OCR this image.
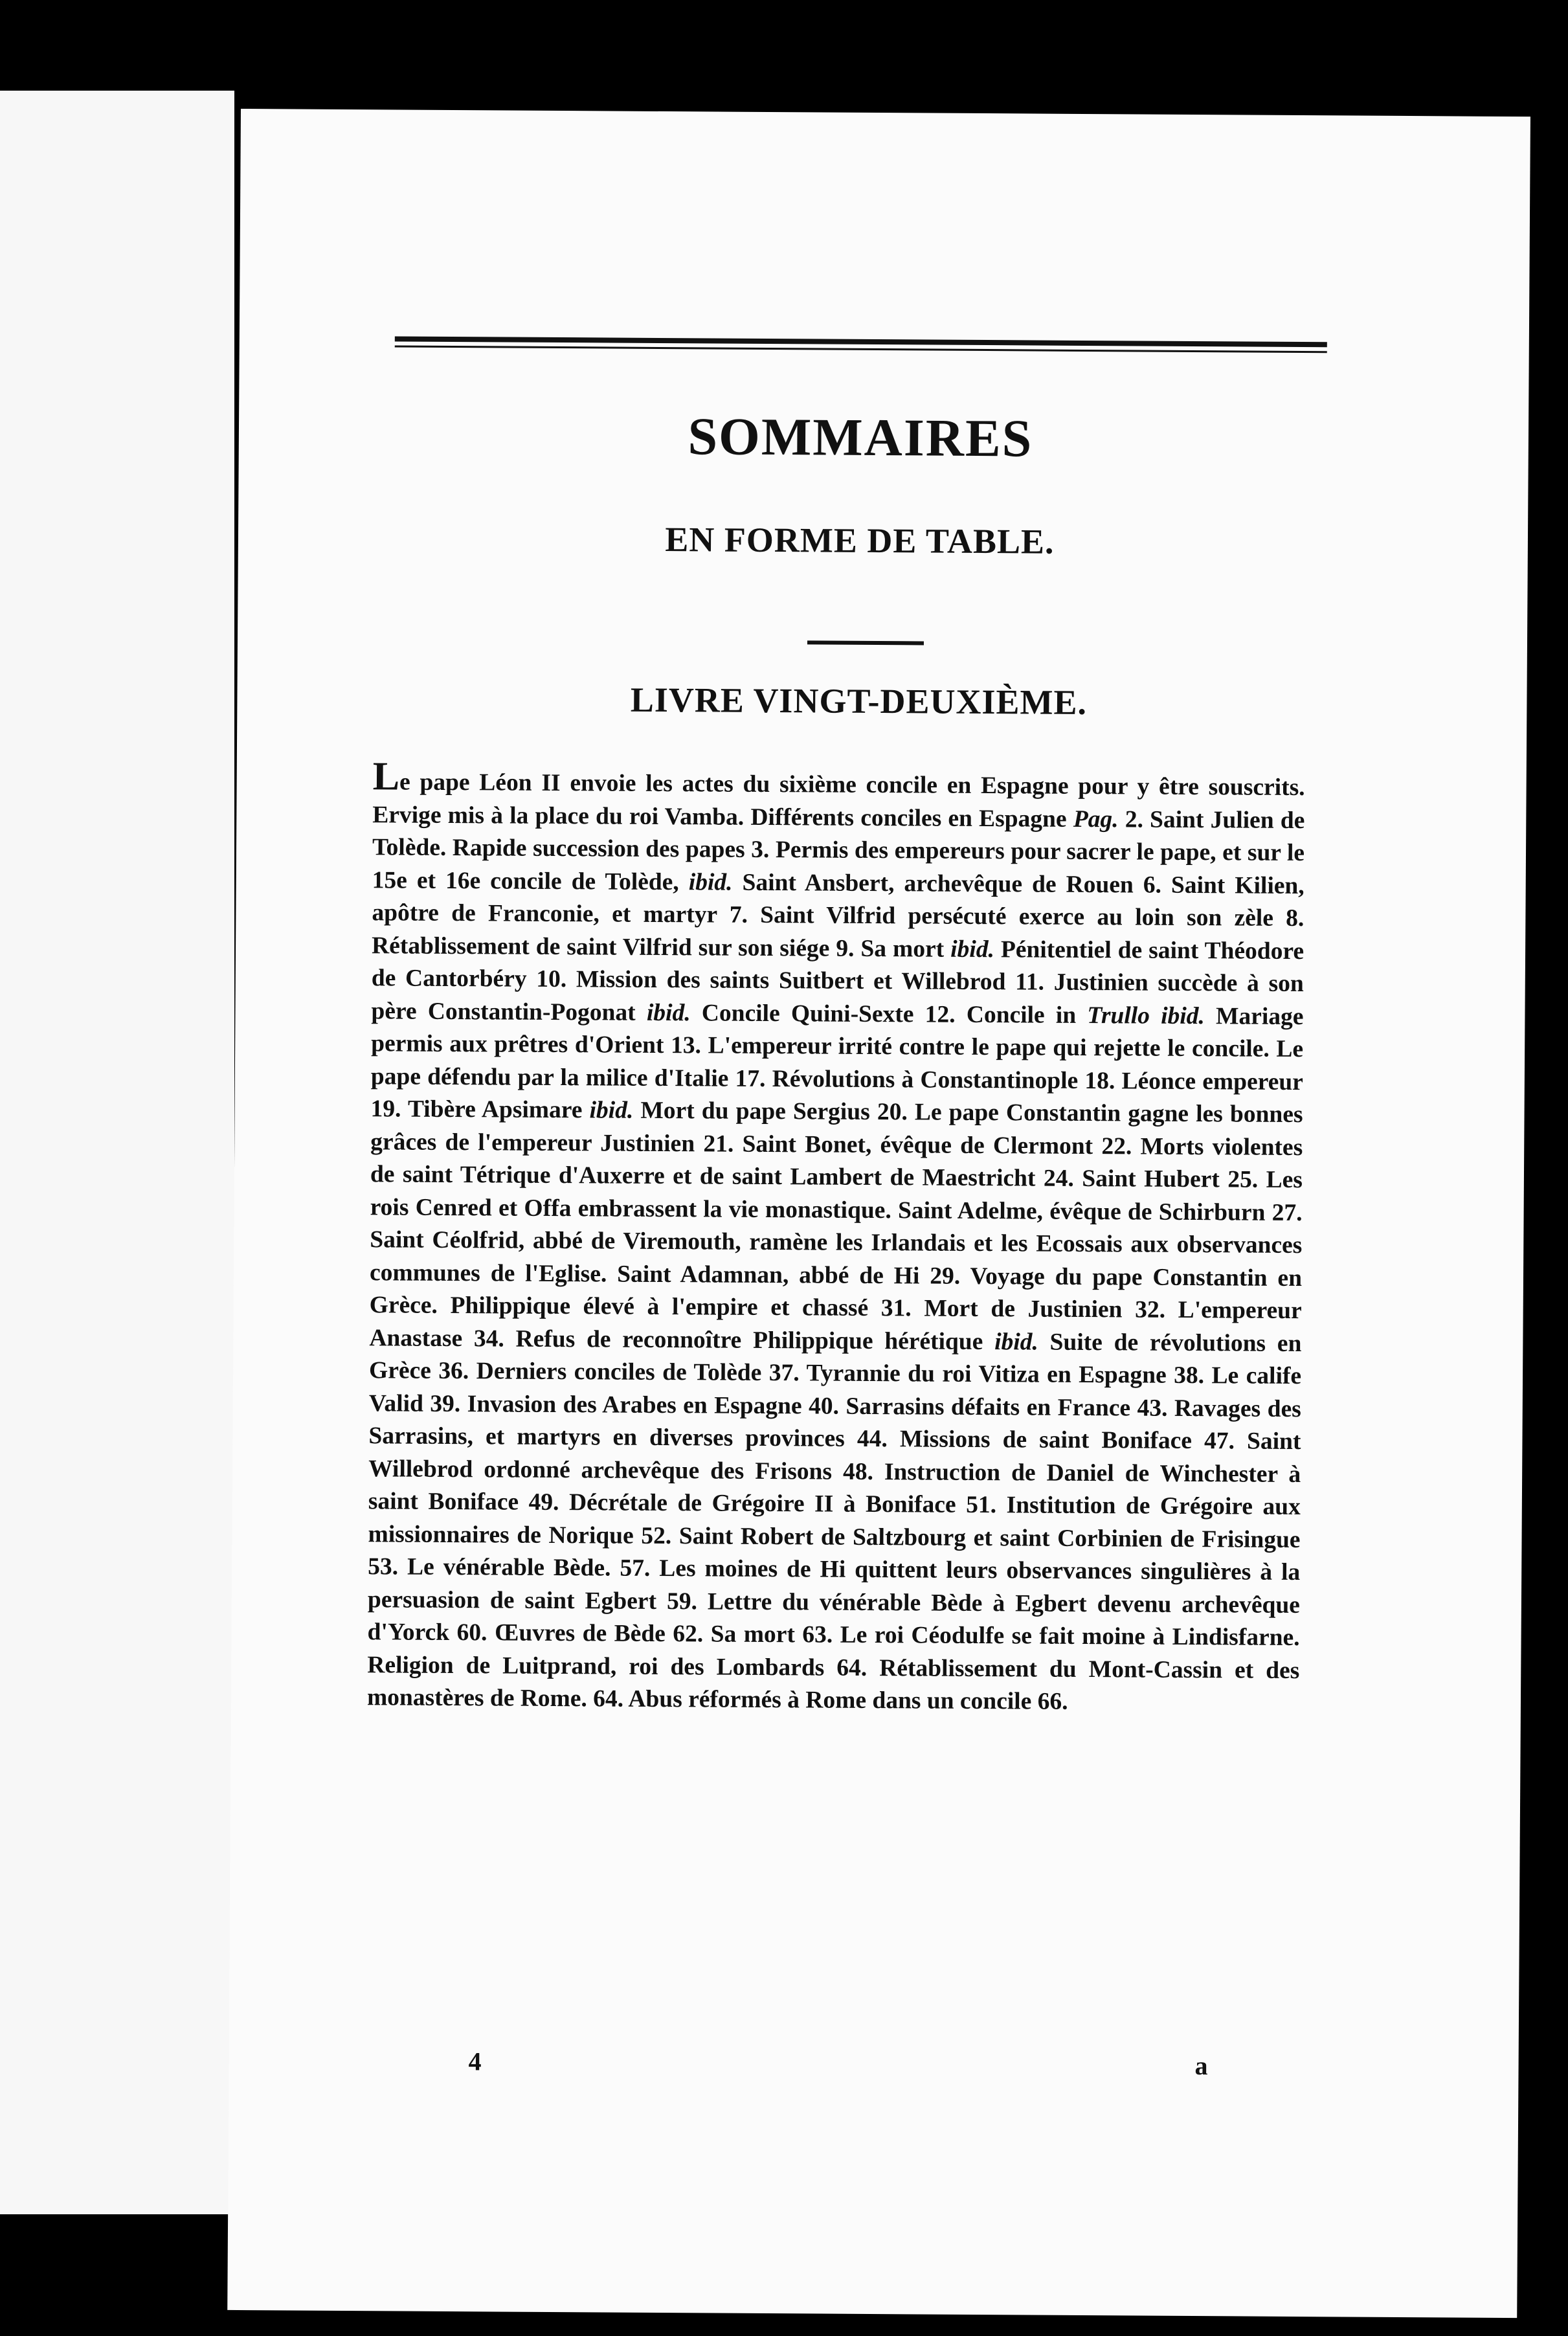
SOMMAIRES
EN FORME DE TABLE.
LIVRE VINGT-DEUXIÈME.

Le pape Léon II envoie les actes du sixième concile en Espagne pour y être souscrits. Ervige mis à la place du roi Vamba. Différents conciles en Espagne Pag. 2. Saint Julien de Tolède. Rapide succession des papes 3. Permis des empereurs pour sacrer le pape, et sur le 15e et 16e concile de Tolède, ibid. Saint Ansbert, archevêque de Rouen 6. Saint Kilien, apôtre de Franconie, et martyr 7. Saint Vilfrid persécuté exerce au loin son zèle 8. Rétablissement de saint Vilfrid sur son siége 9. Sa mort ibid. Pénitentiel de saint Théodore de Cantorbéry 10. Mission des saints Suitbert et Willebrod 11. Justinien succède à son père Constantin-Pogonat ibid. Concile Quini-Sexte 12. Concile in Trullo ibid. Mariage permis aux prêtres d'Orient 13. L'empereur irrité contre le pape qui rejette le concile. Le pape défendu par la milice d'Italie 17. Révolutions à Constantinople 18. Léonce empereur 19. Tibère Apsimare ibid. Mort du pape Sergius 20. Le pape Constantin gagne les bonnes grâces de l'empereur Justinien 21. Saint Bonet, évêque de Clermont 22. Morts violentes de saint Tétrique d'Auxerre et de saint Lambert de Maestricht 24. Saint Hubert 25. Les rois Cenred et Offa embrassent la vie monastique. Saint Adelme, évêque de Schirburn 27. Saint Céolfrid, abbé de Viremouth, ramène les Irlandais et les Ecossais aux observances communes de l'Eglise. Saint Adamnan, abbé de Hi 29. Voyage du pape Constantin en Grèce. Philippique élevé à l'empire et chassé 31. Mort de Justinien 32. L'empereur Anastase 34. Refus de reconnoître Philippique hérétique ibid. Suite de révolutions en Grèce 36. Derniers conciles de Tolède 37. Tyrannie du roi Vitiza en Espagne 38. Le calife Valid 39. Invasion des Arabes en Espagne 40. Sarrasins défaits en France 43. Ravages des Sarrasins, et martyrs en diverses provinces 44. Missions de saint Boniface 47. Saint Willebrod ordonné archevêque des Frisons 48. Instruction de Daniel de Winchester à saint Boniface 49. Décrétale de Grégoire II à Boniface 51. Institution de Grégoire aux missionnaires de Norique 52. Saint Robert de Saltzbourg et saint Corbinien de Frisingue 53. Le vénérable Bède. 57. Les moines de Hi quittent leurs observances singulières à la persuasion de saint Egbert 59. Lettre du vénérable Bède à Egbert devenu archevêque d'Yorck 60. Œuvres de Bède 62. Sa mort 63. Le roi Céodulfe se fait moine à Lindisfarne. Religion de Luitprand, roi des Lombards 64. Rétablissement du Mont-Cassin et des monastères de Rome. 64. Abus réformés à Rome dans un concile 66.

4	a
